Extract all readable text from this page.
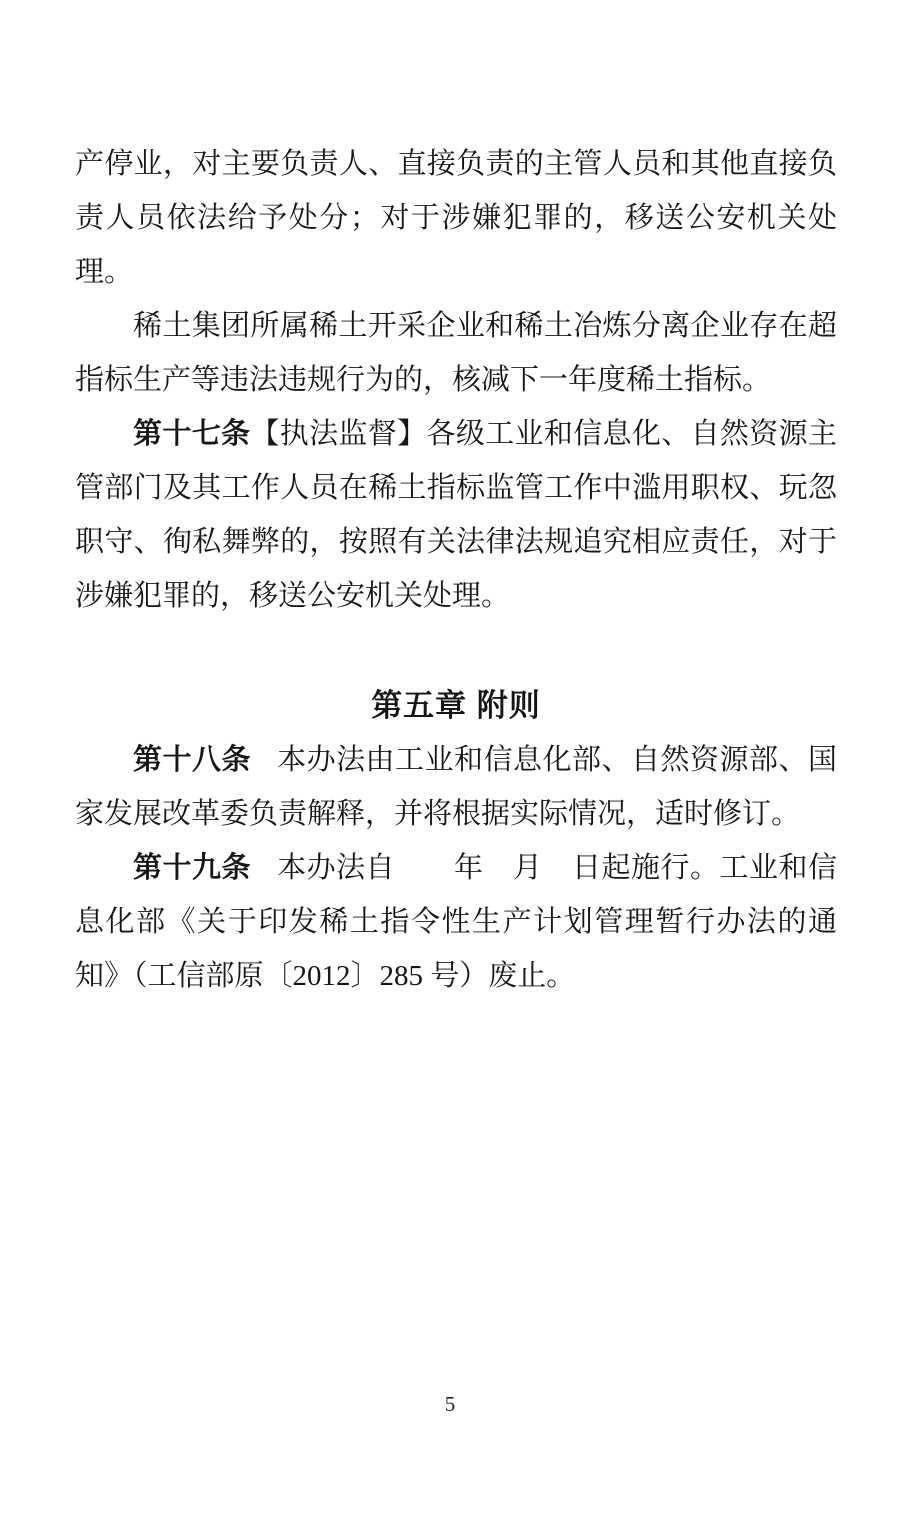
产停业，对主要负责人、直接负责的主管人员和其他直接负责人员依法给予处分；对于涉嫌犯罪的，移送公安机关处理。

稀土集团所属稀土开采企业和稀土冶炼分离企业存在超指标生产等违法违规行为的，核减下一年度稀土指标。

第十七条【执法监督】各级工业和信息化、自然资源主管部门及其工作人员在稀土指标监管工作中滥用职权、玩忽职守、徇私舞弊的，按照有关法律法规追究相应责任，对于涉嫌犯罪的，移送公安机关处理。

第五章 附则

第十八条 本办法由工业和信息化部、自然资源部、国家发展改革委负责解释，并将根据实际情况，适时修订。

第十九条 本办法自　　年　月　日起施行。工业和信息化部《关于印发稀土指令性生产计划管理暂行办法的通知》（工信部原〔2012〕285 号）废止。

5
